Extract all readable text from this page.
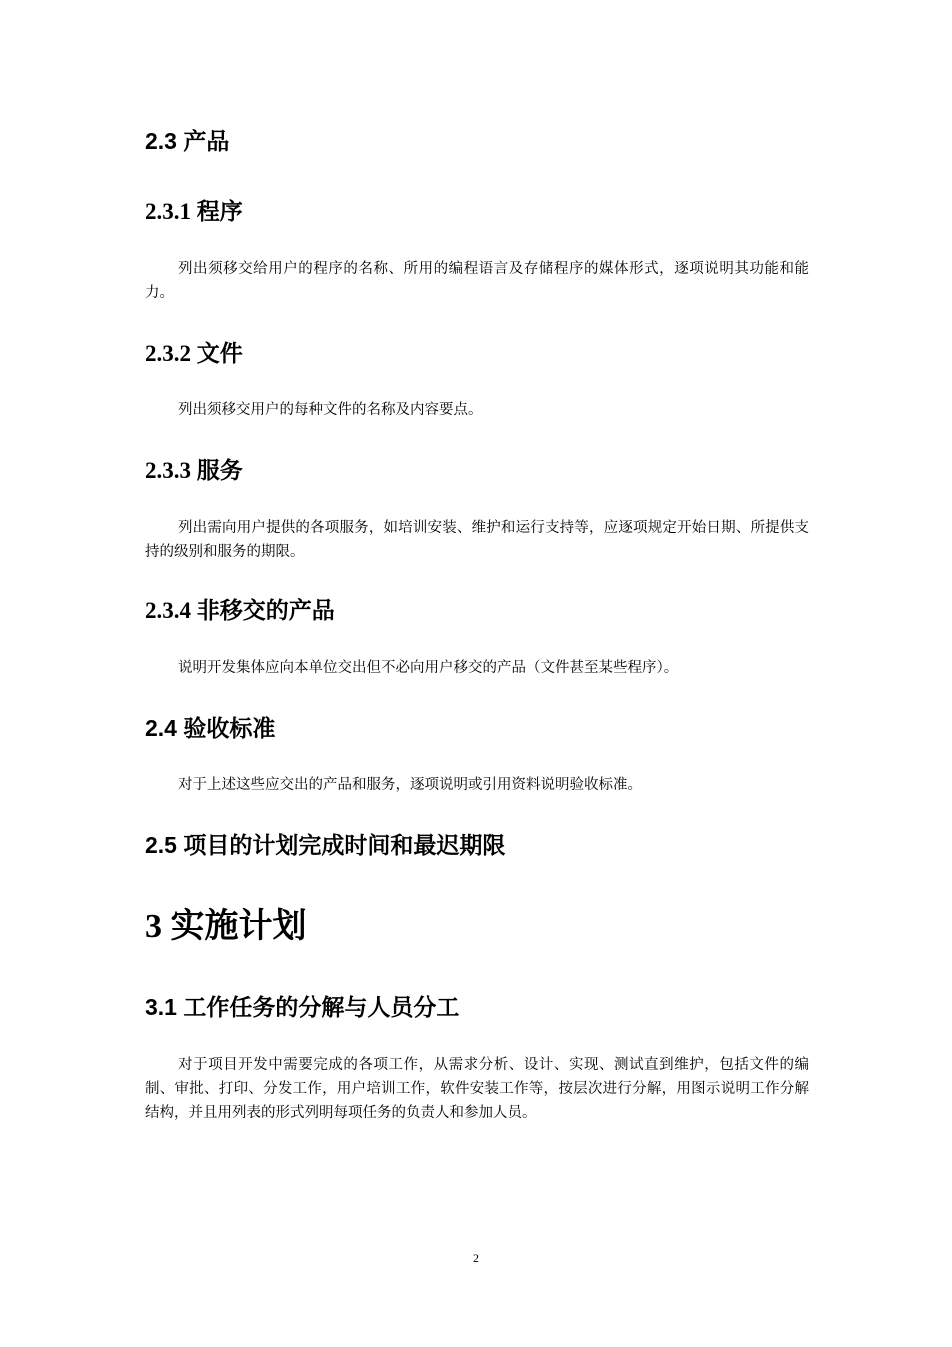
2.3 产品
2.3.1 程序

列出须移交给用户的程序的名称、所用的编程语言及存储程序的媒体形式，逐项说明其功能和能力。

2.3.2 文件

列出须移交用户的每种文件的名称及内容要点。

2.3.3 服务

列出需向用户提供的各项服务，如培训安装、维护和运行支持等，应逐项规定开始日期、所提供支持的级别和服务的期限。

2.3.4 非移交的产品

说明开发集体应向本单位交出但不必向用户移交的产品（文件甚至某些程序）。

2.4 验收标准

对于上述这些应交出的产品和服务，逐项说明或引用资料说明验收标准。

2.5 项目的计划完成时间和最迟期限
3 实施计划
3.1 工作任务的分解与人员分工

对于项目开发中需要完成的各项工作，从需求分析、设计、实现、测试直到维护，包括文件的编制、审批、打印、分发工作，用户培训工作，软件安装工作等，按层次进行分解，用图示说明工作分解结构，并且用列表的形式列明每项任务的负责人和参加人员。

2
